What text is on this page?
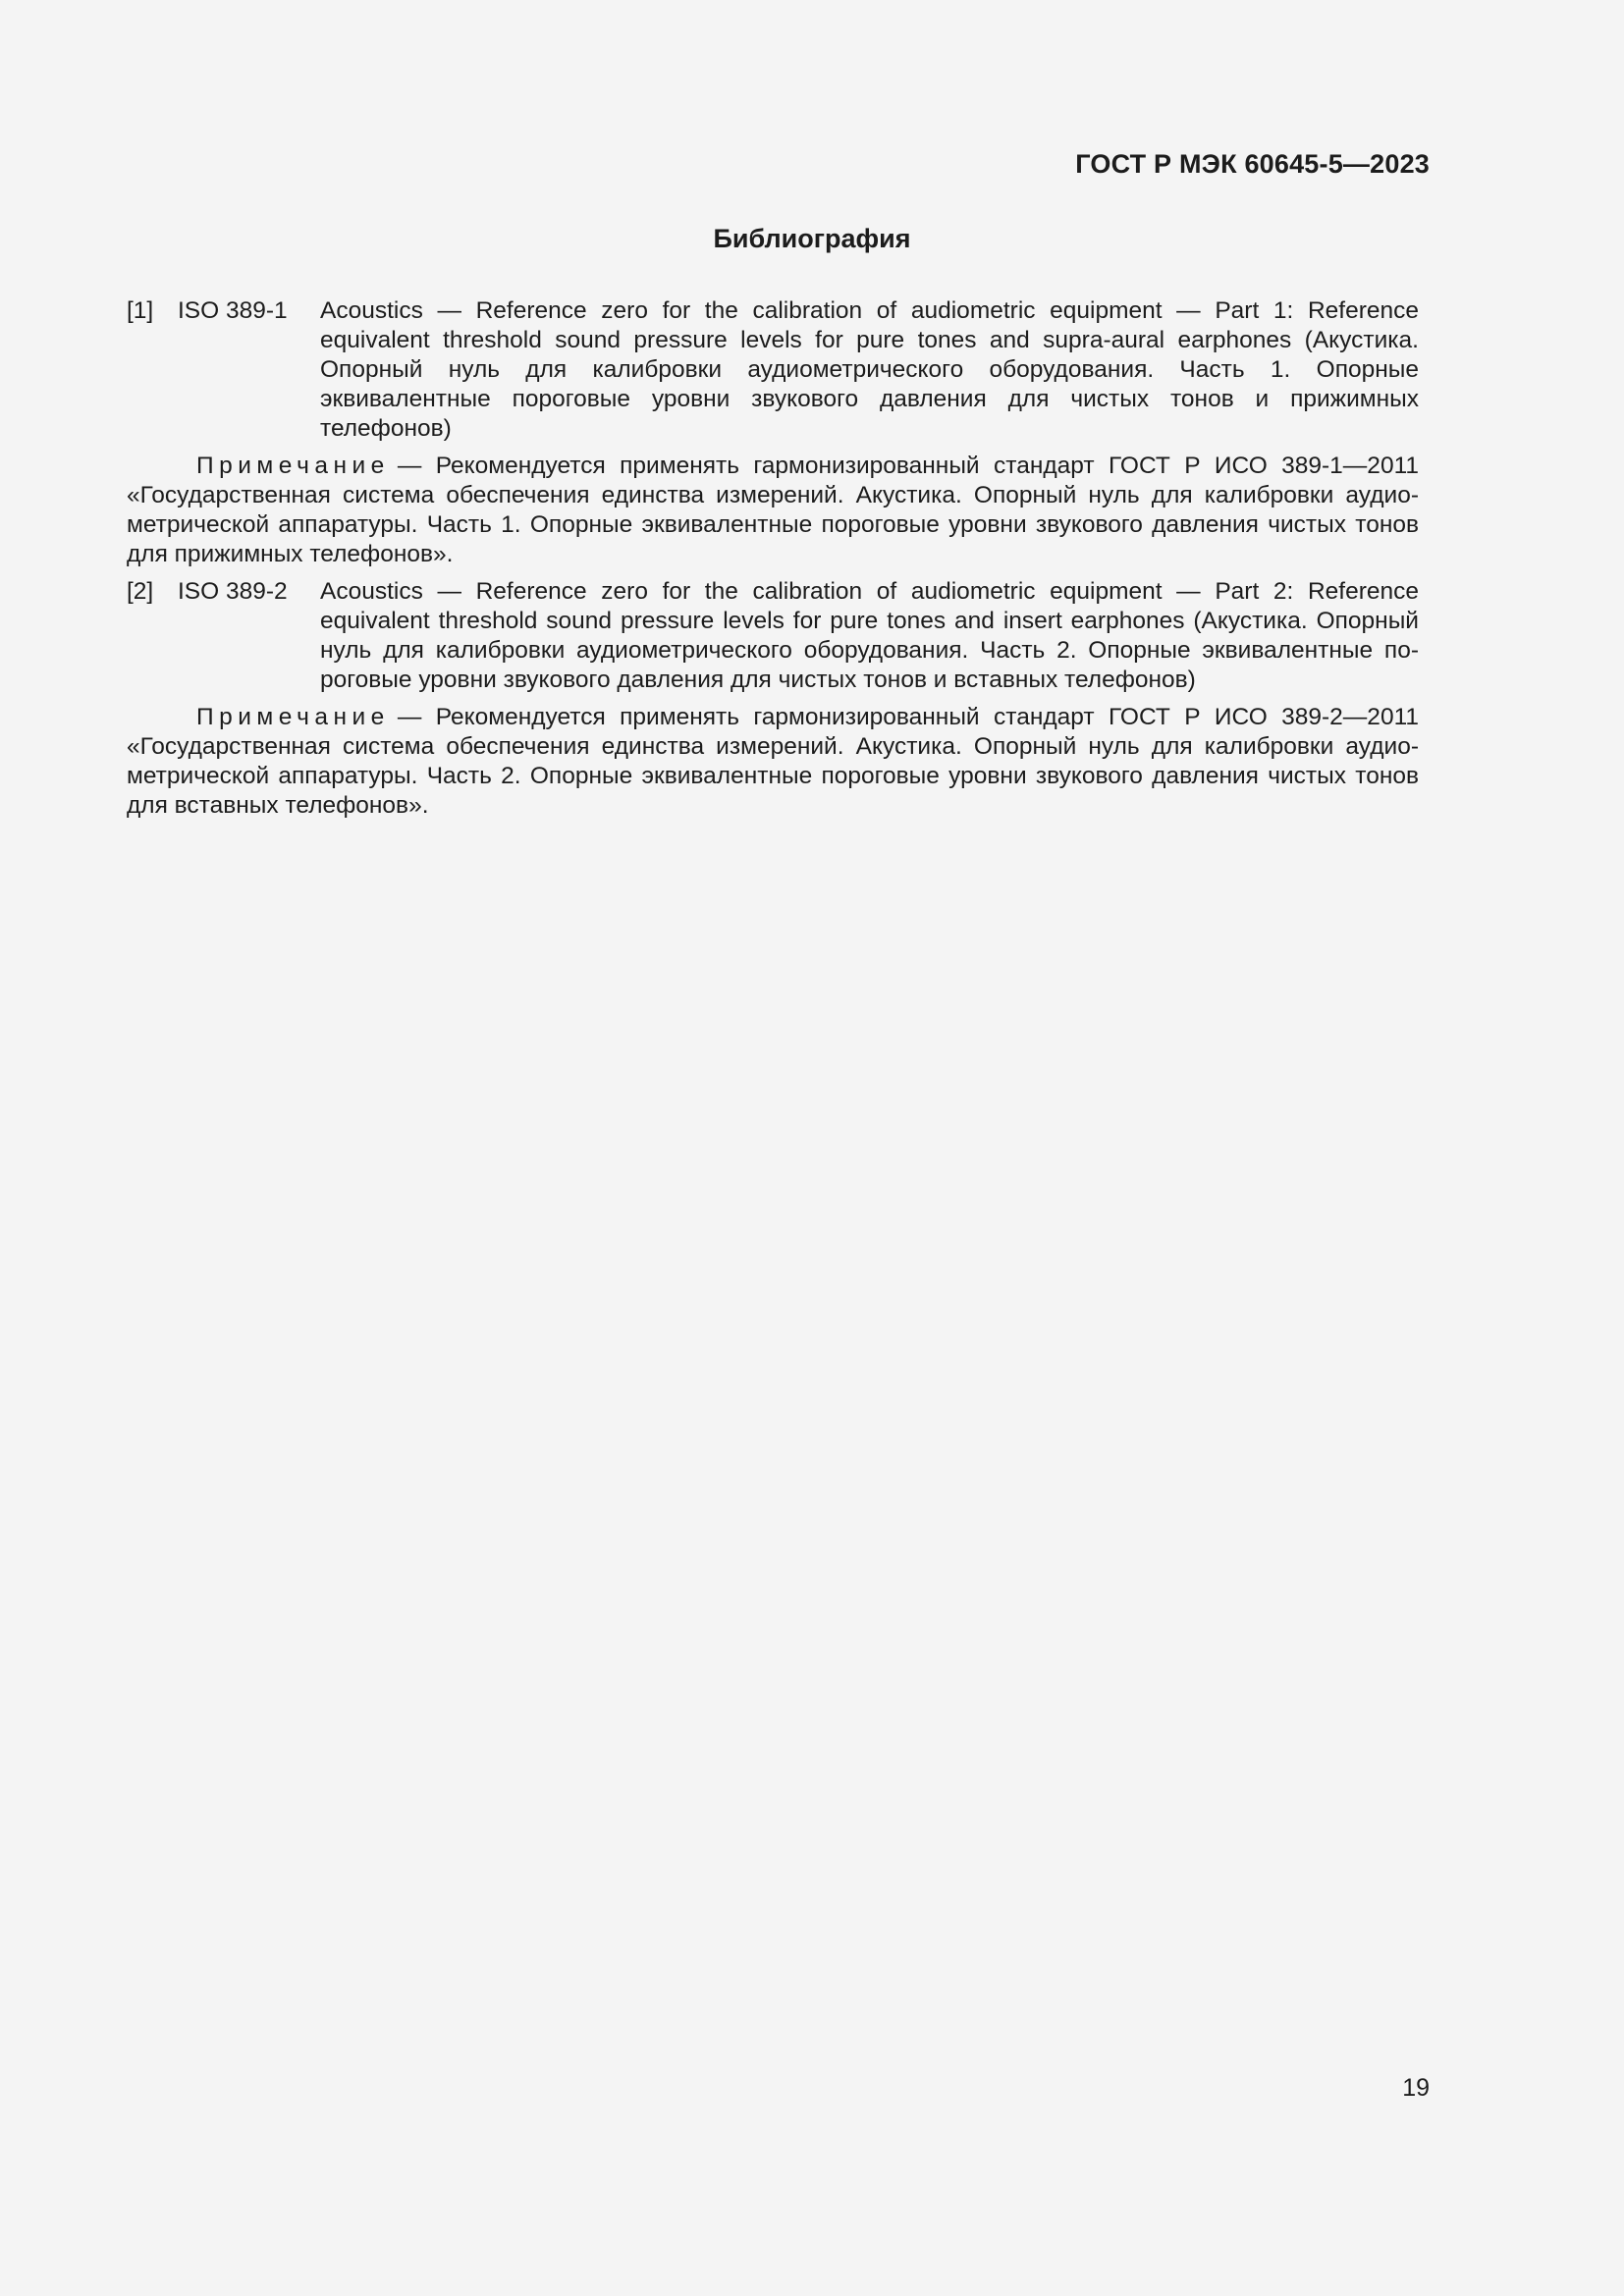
ГОСТ Р МЭК 60645-5—2023
Библиография
[1]	ISO 389-1	Acoustics — Reference zero for the calibration of audiometric equipment — Part 1: Reference equivalent threshold sound pressure levels for pure tones and supra-aural earphones (Акустика. Опорный нуль для калибровки аудиометрического оборудования. Часть 1. Опорные эквивалентные пороговые уровни звукового давления для чистых тонов и прижимных телефонов)
Примечание — Рекомендуется применять гармонизированный стандарт ГОСТ Р ИСО 389-1—2011 «Государственная система обеспечения единства измерений. Акустика. Опорный нуль для калибровки аудиометрической аппаратуры. Часть 1. Опорные эквивалентные пороговые уровни звукового давления чистых тонов для прижимных телефонов».
[2]	ISO 389-2	Acoustics — Reference zero for the calibration of audiometric equipment — Part 2: Reference equivalent threshold sound pressure levels for pure tones and insert earphones (Акустика. Опорный нуль для калибровки аудиометрического оборудования. Часть 2. Опорные эквивалентные пороговые уровни звукового давления для чистых тонов и вставных телефонов)
Примечание — Рекомендуется применять гармонизированный стандарт ГОСТ Р ИСО 389-2—2011 «Государственная система обеспечения единства измерений. Акустика. Опорный нуль для калибровки аудиометрической аппаратуры. Часть 2. Опорные эквивалентные пороговые уровни звукового давления чистых тонов для вставных телефонов».
19
